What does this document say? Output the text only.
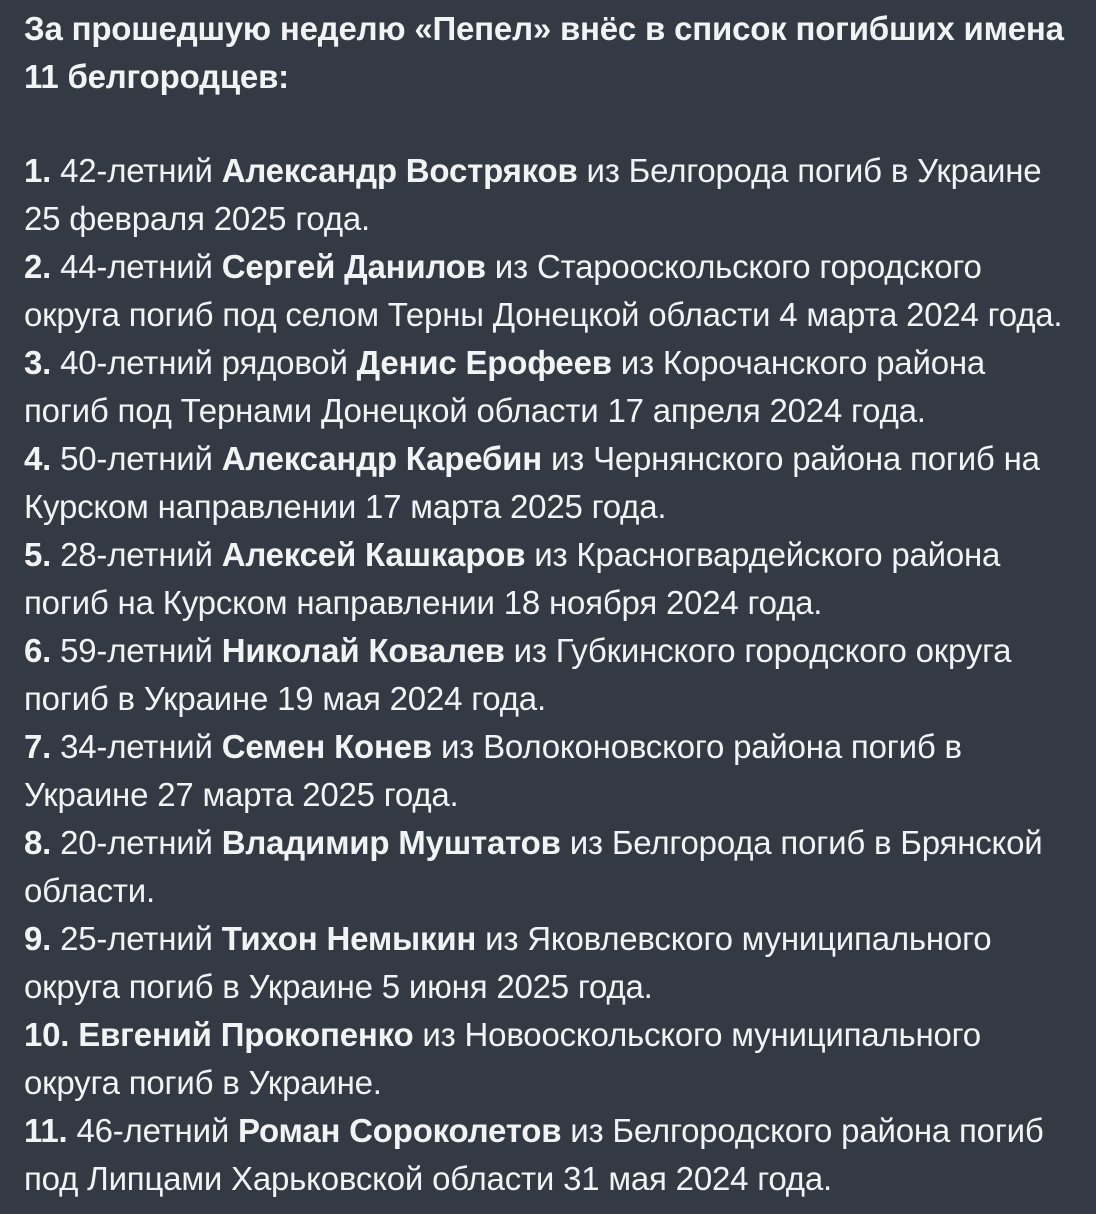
За прошедшую неделю «Пепел» внёс в список погибших имена 11 белгородцев:

1. 42-летний Александр Востряков из Белгорода погиб в Украине 25 февраля 2025 года.

2. 44-летний Сергей Данилов из Старооскольского городского округа погиб под селом Терны Донецкой области 4 марта 2024 года.

3. 40-летний рядовой Денис Ерофеев из Корочанского района погиб под Тернами Донецкой области 17 апреля 2024 года.

4. 50-летний Александр Каребин из Чернянского района погиб на Курском направлении 17 марта 2025 года.

5. 28-летний Алексей Кашкаров из Красногвардейского района погиб на Курском направлении 18 ноября 2024 года.

6. 59-летний Николай Ковалев из Губкинского городского округа погиб в Украине 19 мая 2024 года.

7. 34-летний Семен Конев из Волоконовского района погиб в Украине 27 марта 2025 года.

8. 20-летний Владимир Муштатов из Белгорода погиб в Брянской области.

9. 25-летний Тихон Немыкин из Яковлевского муниципального округа погиб в Украине 5 июня 2025 года.

10. Евгений Прокопенко из Новооскольского муниципального округа погиб в Украине.

11. 46-летний Роман Сороколетов из Белгородского района погиб под Липцами Харьковской области 31 мая 2024 года.
